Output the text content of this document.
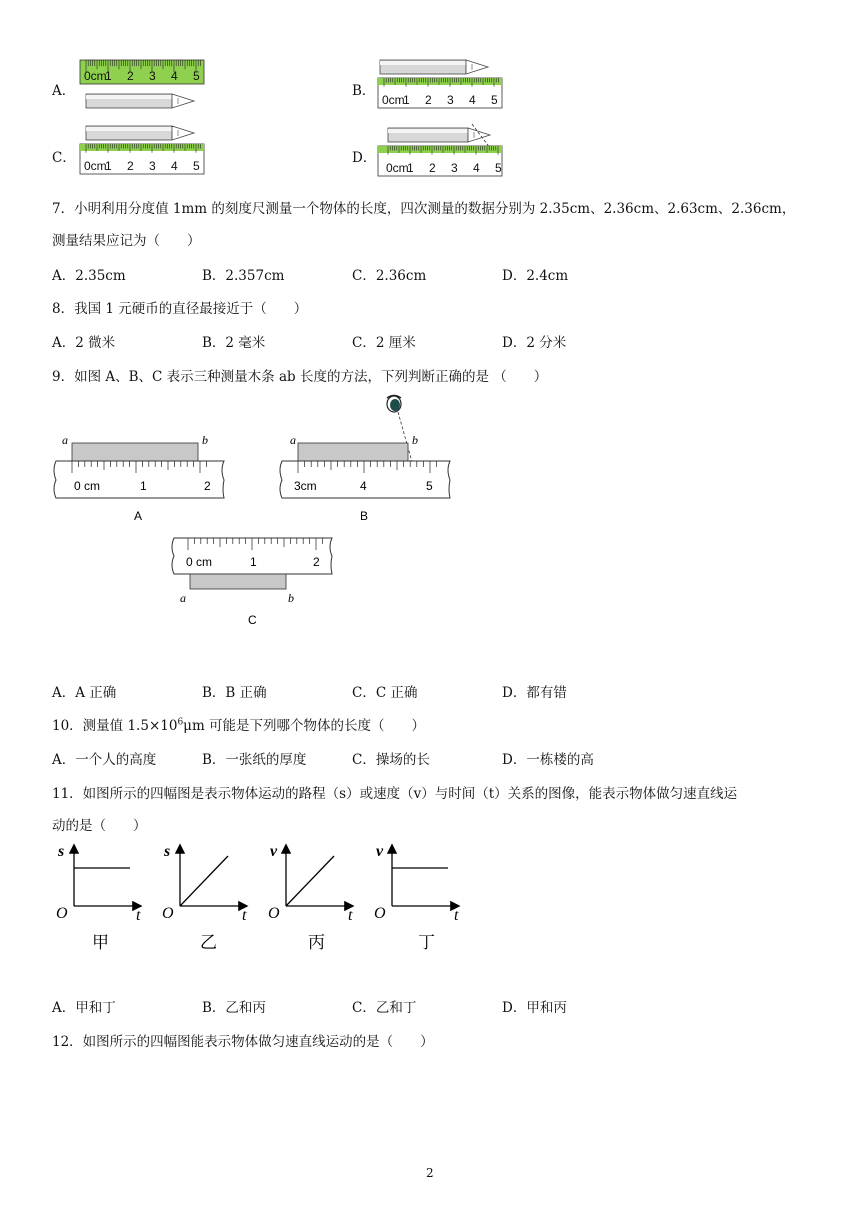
A．	B．
C．	D．
0cm
1 2 3 4 5
0cm
1 2 3 4 5
0cm
1 2 3 4 5	0cm
1 2 3 4 5
7．小明利用分度值 1mm 的刻度尺测量一个物体的长度，四次测量的数据分别为 2.35cm、2.36cm、2.63cm、2.36cm，
测量结果应记为（　　）
A．2.35cm	B．2.357cm	C．2.36cm	D．2.4cm
8．我国 1 元硬币的直径最接近于（　　）
A．2 微米	B．2 毫米	C．2 厘米	D．2 分米
9．如图 A、B、C 表示三种测量木条 ab 长度的方法，下列判断正确的是 （　　）
a	b
0 cm	1	2
A
a	b
3cm	4	5
B
0 cm	1	2
a	b
C
A．A 正确	B．B 正确	C．C 正确	D．都有错
10．测量值 $1.5\times 10^6\mu m$ 可能是下列哪个物体的长度（　　）
A．一个人的高度	B．一张纸的厚度	C．操场的长	D．一栋楼的高
11．如图所示的四幅图是表示物体运动的路程（s）或速度（v）与时间（t）关系的图像，能表示物体做匀速直线运
动的是（　　）
s
O	t
甲
s
O	t
乙
v
O	t
丙
v
O	t
丁
A．甲和丁	B．乙和丙	C．乙和丁	D．甲和丙
12．如图所示的四幅图能表示物体做匀速直线运动的是（　　）
2
